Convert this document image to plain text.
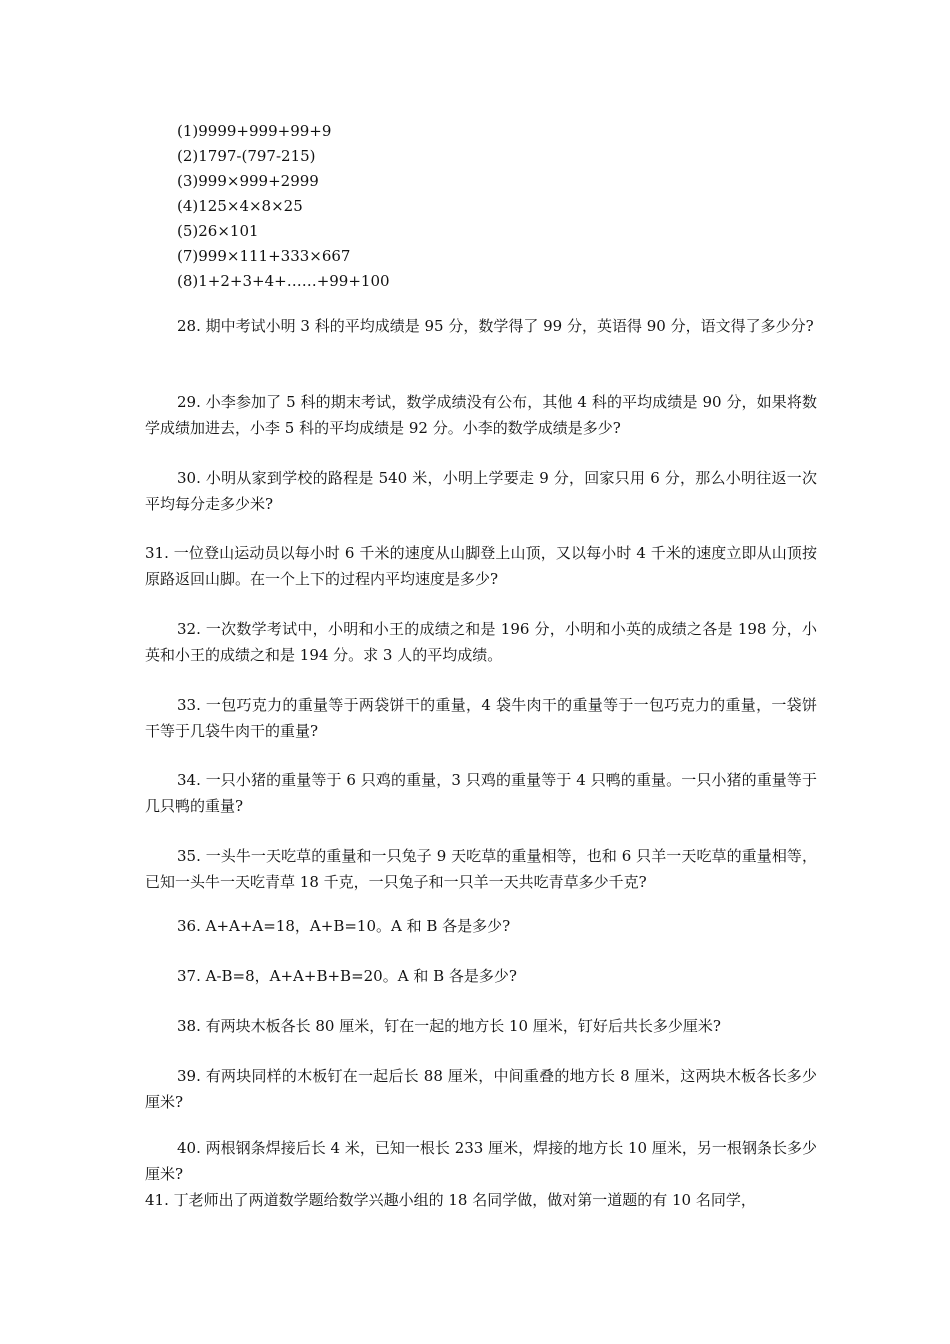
(1)9999+999+99+9
(2)1797-(797-215)
(3)999×999+2999
(4)125×4×8×25
(5)26×101
(7)999×111+333×667
(8)1+2+3+4+……+99+100

28. 期中考试小明 3 科的平均成绩是 95 分，数学得了 99 分，英语得 90 分，语文得了多少分?

29. 小李参加了 5 科的期末考试，数学成绩没有公布，其他 4 科的平均成绩是 90 分，如果将数学成绩加进去，小李 5 科的平均成绩是 92 分。小李的数学成绩是多少?

30. 小明从家到学校的路程是 540 米，小明上学要走 9 分，回家只用 6 分，那么小明往返一次平均每分走多少米?

31. 一位登山运动员以每小时 6 千米的速度从山脚登上山顶，又以每小时 4 千米的速度立即从山顶按原路返回山脚。在一个上下的过程内平均速度是多少?

32. 一次数学考试中，小明和小王的成绩之和是 196 分，小明和小英的成绩之各是 198 分，小英和小王的成绩之和是 194 分。求 3 人的平均成绩。

33. 一包巧克力的重量等于两袋饼干的重量，4 袋牛肉干的重量等于一包巧克力的重量，一袋饼干等于几袋牛肉干的重量?

34. 一只小猪的重量等于 6 只鸡的重量，3 只鸡的重量等于 4 只鸭的重量。一只小猪的重量等于几只鸭的重量?

35. 一头牛一天吃草的重量和一只兔子 9 天吃草的重量相等，也和 6 只羊一天吃草的重量相等，已知一头牛一天吃青草 18 千克，一只兔子和一只羊一天共吃青草多少千克?

36. A+A+A=18，A+B=10。A 和 B 各是多少?

37. A-B=8，A+A+B+B=20。A 和 B 各是多少?

38. 有两块木板各长 80 厘米，钉在一起的地方长 10 厘米，钉好后共长多少厘米?

39. 有两块同样的木板钉在一起后长 88 厘米，中间重叠的地方长 8 厘米，这两块木板各长多少厘米?

40. 两根钢条焊接后长 4 米，已知一根长 233 厘米，焊接的地方长 10 厘米，另一根钢条长多少厘米?

41. 丁老师出了两道数学题给数学兴趣小组的 18 名同学做，做对第一道题的有 10 名同学，
